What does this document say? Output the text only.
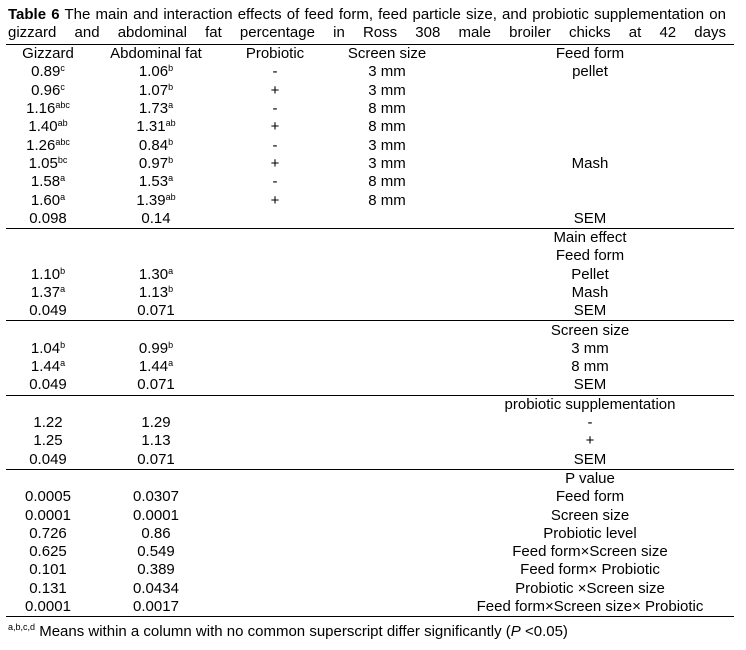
Table 6 The main and interaction effects of feed form, feed particle size, and probiotic supplementation on gizzard and abdominal fat percentage in Ross 308 male broiler chicks at 42 days
Gizzard	Abdominal fat	Probiotic	Screen size	Feed form
0.89$^c$	1.06$^b$	-	3 mm	pellet
0.96$^c$	1.07$^b$	+	3 mm	
1.16$^{abc}$	1.73$^a$	-	8 mm	
1.40$^{ab}$	1.31$^{ab}$	+	8 mm	
1.26$^{abc}$	0.84$^b$	-	3 mm	
1.05$^{bc}$	0.97$^b$	+	3 mm	Mash
1.58$^a$	1.53$^a$	-	8 mm	
1.60$^a$	1.39$^{ab}$	+	8 mm	
0.098	0.14			SEM
				Main effect
				Feed form
1.10$^b$	1.30$^a$			Pellet
1.37$^a$	1.13$^b$			Mash
0.049	0.071			SEM
				Screen size
1.04$^b$	0.99$^b$			3 mm
1.44$^a$	1.44$^a$			8 mm
0.049	0.071			SEM
				probiotic supplementation
1.22	1.29			-
1.25	1.13			+
0.049	0.071			SEM
				P value
0.0005	0.0307			Feed form
0.0001	0.0001			Screen size
0.726	0.86			Probiotic level
0.625	0.549			Feed form×Screen size
0.101	0.389			Feed form× Probiotic
0.131	0.0434			Probiotic ×Screen size
0.0001	0.0017			Feed form×Screen size× Probiotic
$^{a,b,c,d}$ Means within a column with no common superscript differ significantly (P <0.05)
